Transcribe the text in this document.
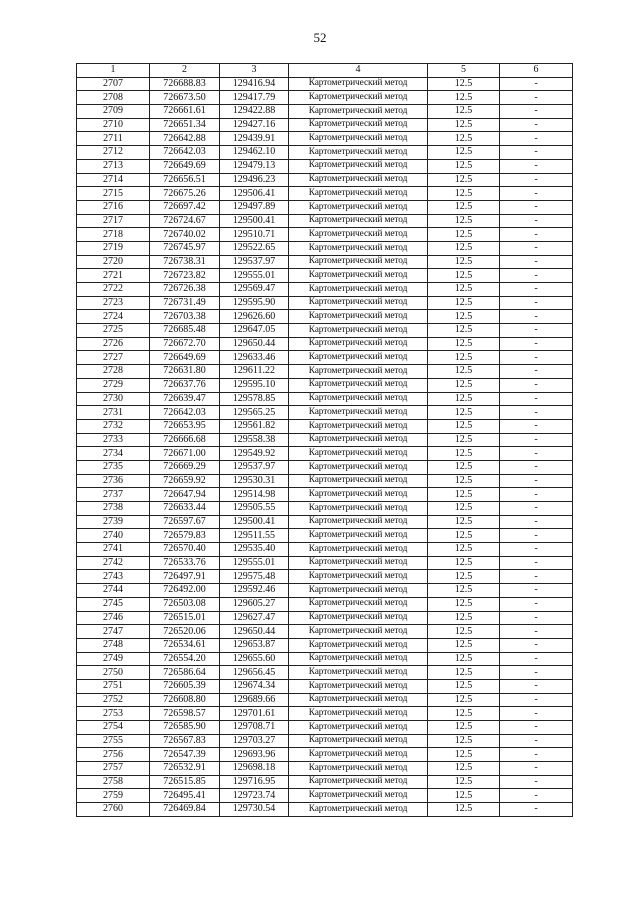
52
1	2	3	4	5	6
2707	726688.83	129416.94	Картометрический метод	12.5	-
2708	726673.50	129417.79	Картометрический метод	12.5	-
2709	726661.61	129422.88	Картометрический метод	12.5	-
2710	726651.34	129427.16	Картометрический метод	12.5	-
2711	726642.88	129439.91	Картометрический метод	12.5	-
2712	726642.03	129462.10	Картометрический метод	12.5	-
2713	726649.69	129479.13	Картометрический метод	12.5	-
2714	726656.51	129496.23	Картометрический метод	12.5	-
2715	726675.26	129506.41	Картометрический метод	12.5	-
2716	726697.42	129497.89	Картометрический метод	12.5	-
2717	726724.67	129500.41	Картометрический метод	12.5	-
2718	726740.02	129510.71	Картометрический метод	12.5	-
2719	726745.97	129522.65	Картометрический метод	12.5	-
2720	726738.31	129537.97	Картометрический метод	12.5	-
2721	726723.82	129555.01	Картометрический метод	12.5	-
2722	726726.38	129569.47	Картометрический метод	12.5	-
2723	726731.49	129595.90	Картометрический метод	12.5	-
2724	726703.38	129626.60	Картометрический метод	12.5	-
2725	726685.48	129647.05	Картометрический метод	12.5	-
2726	726672.70	129650.44	Картометрический метод	12.5	-
2727	726649.69	129633.46	Картометрический метод	12.5	-
2728	726631.80	129611.22	Картометрический метод	12.5	-
2729	726637.76	129595.10	Картометрический метод	12.5	-
2730	726639.47	129578.85	Картометрический метод	12.5	-
2731	726642.03	129565.25	Картометрический метод	12.5	-
2732	726653.95	129561.82	Картометрический метод	12.5	-
2733	726666.68	129558.38	Картометрический метод	12.5	-
2734	726671.00	129549.92	Картометрический метод	12.5	-
2735	726669.29	129537.97	Картометрический метод	12.5	-
2736	726659.92	129530.31	Картометрический метод	12.5	-
2737	726647.94	129514.98	Картометрический метод	12.5	-
2738	726633.44	129505.55	Картометрический метод	12.5	-
2739	726597.67	129500.41	Картометрический метод	12.5	-
2740	726579.83	129511.55	Картометрический метод	12.5	-
2741	726570.40	129535.40	Картометрический метод	12.5	-
2742	726533.76	129555.01	Картометрический метод	12.5	-
2743	726497.91	129575.48	Картометрический метод	12.5	-
2744	726492.00	129592.46	Картометрический метод	12.5	-
2745	726503.08	129605.27	Картометрический метод	12.5	-
2746	726515.01	129627.47	Картометрический метод	12.5	-
2747	726520.06	129650.44	Картометрический метод	12.5	-
2748	726534.61	129653.87	Картометрический метод	12.5	-
2749	726554.20	129655.60	Картометрический метод	12.5	-
2750	726586.64	129656.45	Картометрический метод	12.5	-
2751	726605.39	129674.34	Картометрический метод	12.5	-
2752	726608.80	129689.66	Картометрический метод	12.5	-
2753	726598.57	129701.61	Картометрический метод	12.5	-
2754	726585.90	129708.71	Картометрический метод	12.5	-
2755	726567.83	129703.27	Картометрический метод	12.5	-
2756	726547.39	129693.96	Картометрический метод	12.5	-
2757	726532.91	129698.18	Картометрический метод	12.5	-
2758	726515.85	129716.95	Картометрический метод	12.5	-
2759	726495.41	129723.74	Картометрический метод	12.5	-
2760	726469.84	129730.54	Картометрический метод	12.5	-
